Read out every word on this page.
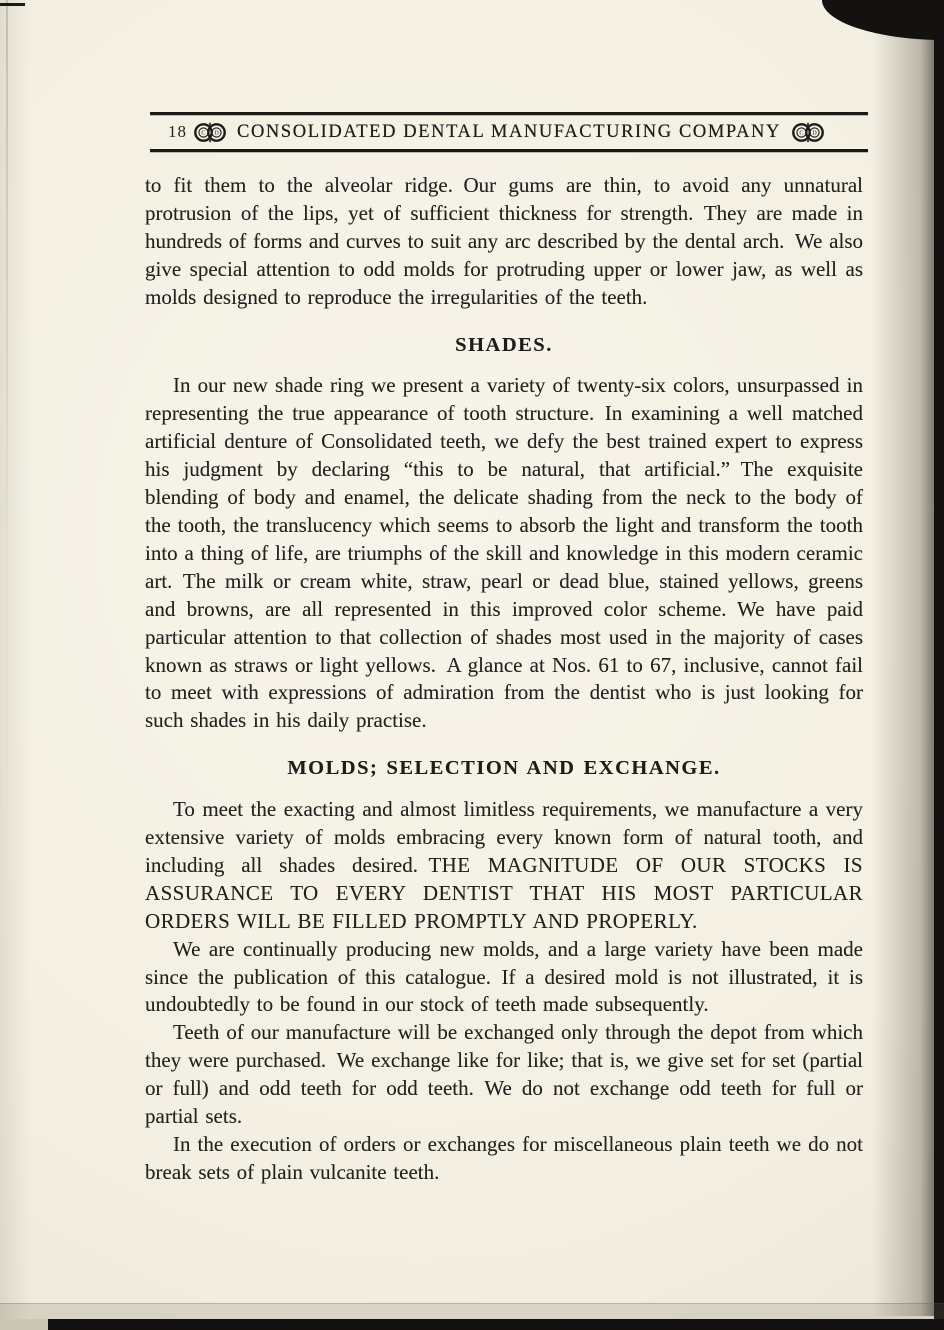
18 C D CONSOLIDATED DENTAL MANUFACTURING COMPANY	C D

to fit them to the alveolar ridge. Our gums are thin, to avoid any unnatural protrusion of the lips, yet of sufficient thickness for strength. They are made in hundreds of forms and curves to suit any arc described by the dental arch. We also give special attention to odd molds for protruding upper or lower jaw, as well as molds designed to reproduce the irregularities of the teeth.

SHADES.

In our new shade ring we present a variety of twenty-six colors, unsurpassed in representing the true appearance of tooth structure. In examining a well matched artificial denture of Consolidated teeth, we defy the best trained expert to express his judgment by declaring “this to be natural, that artificial.” The exquisite blending of body and enamel, the delicate shading from the neck to the body of the tooth, the translucency which seems to absorb the light and transform the tooth into a thing of life, are triumphs of the skill and knowledge in this modern ceramic art. The milk or cream white, straw, pearl or dead blue, stained yellows, greens and browns, are all represented in this improved color scheme. We have paid particular attention to that collection of shades most used in the majority of cases known as straws or light yellows. A glance at Nos. 61 to 67, inclusive, cannot fail to meet with expressions of admiration from the dentist who is just looking for such shades in his daily practise.

MOLDS; SELECTION AND EXCHANGE.

To meet the exacting and almost limitless requirements, we manufacture a very extensive variety of molds embracing every known form of natural tooth, and including all shades desired. THE MAGNITUDE OF OUR STOCKS IS ASSURANCE TO EVERY DENTIST THAT HIS MOST PARTICULAR ORDERS WILL BE FILLED PROMPTLY AND PROPERLY.

We are continually producing new molds, and a large variety have been made since the publication of this catalogue. If a desired mold is not illustrated, it is undoubtedly to be found in our stock of teeth made subsequently.

Teeth of our manufacture will be exchanged only through the depot from which they were purchased. We exchange like for like; that is, we give set for set (partial or full) and odd teeth for odd teeth. We do not exchange odd teeth for full or partial sets.

In the execution of orders or exchanges for miscellaneous plain teeth we do not break sets of plain vulcanite teeth.
